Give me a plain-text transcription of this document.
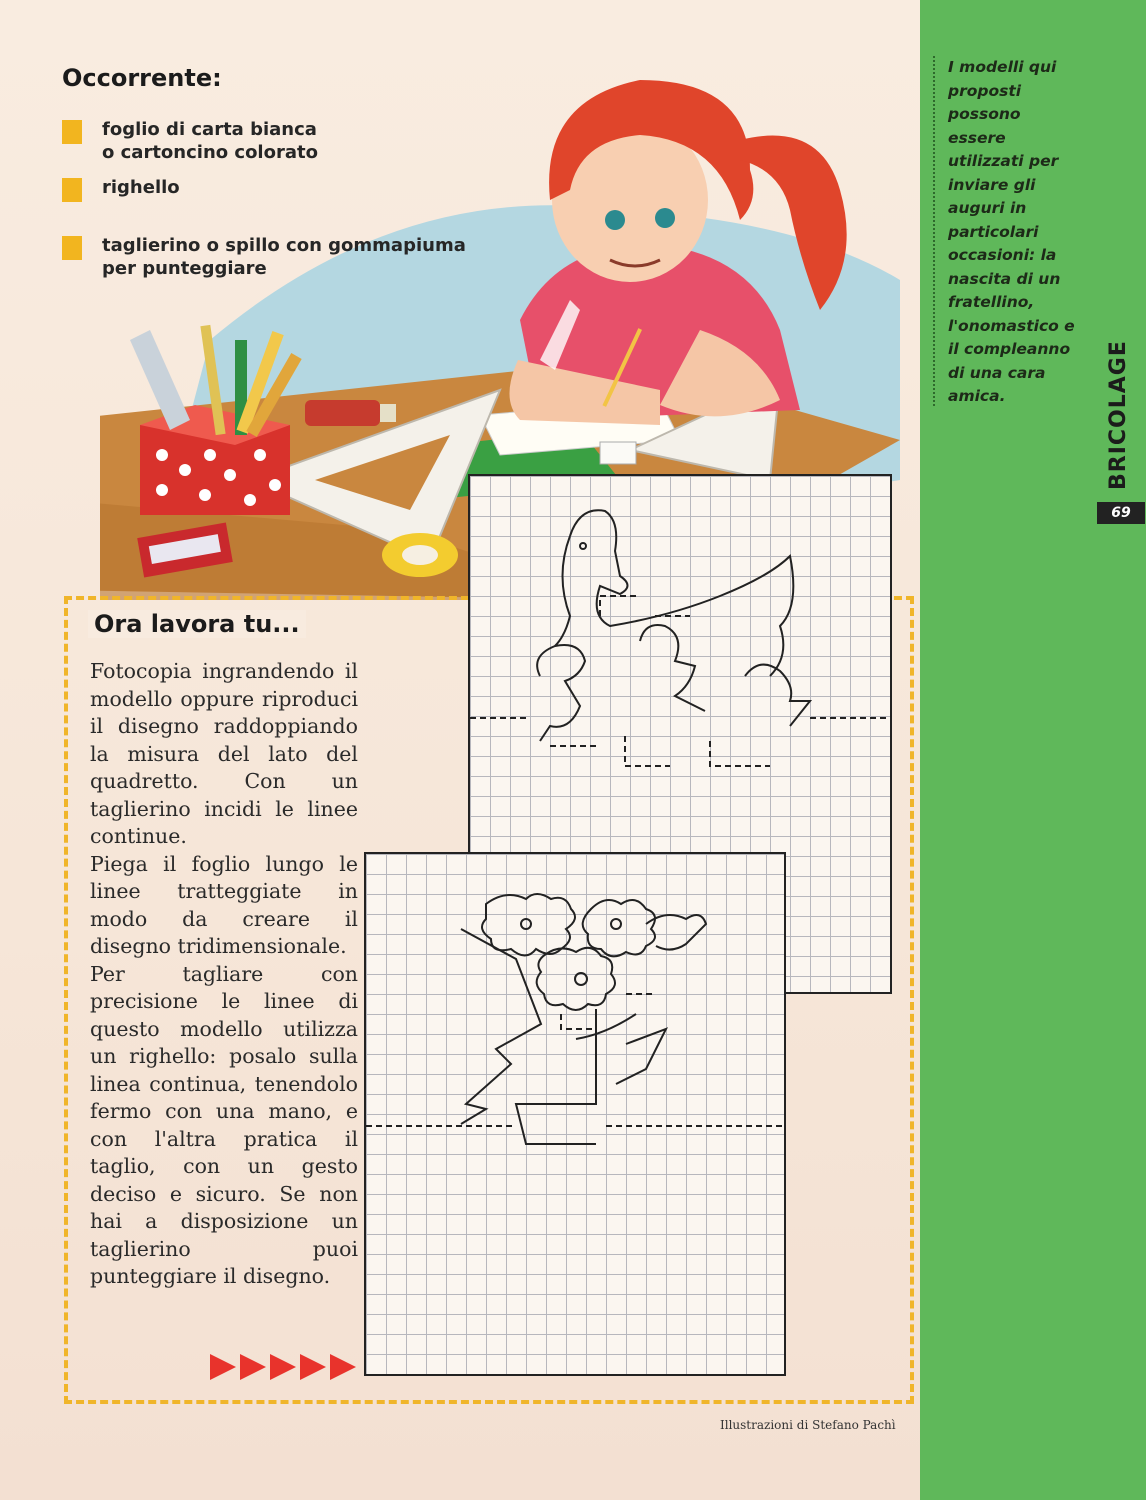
I modelli qui proposti possono essere utilizzati per inviare gli auguri in particolari occasioni: la nascita di un fratellino, l'onomastico e il compleanno di una cara amica.	BRICOLAGE
69
Occorrente:
foglio di carta bianca
o cartoncino colorato
righello
taglierino o spillo con gommapiuma
per punteggiare
Ora lavora tu...

Fotocopia ingrandendo il modello oppure riproduci il disegno raddoppiando la misura del lato del quadretto. Con un taglierino incidi le linee continue.

Piega il foglio lungo le linee tratteggiate in modo da creare il disegno tridimensionale.

Per tagliare con precisione le linee di questo modello utilizza un righello: posalo sulla linea continua, tenendolo fermo con una mano, e con l'altra pratica il taglio, con un gesto deciso e sicuro. Se non hai a disposizione un taglierino puoi punteggiare il disegno.

Illustrazioni di Stefano Pachì
